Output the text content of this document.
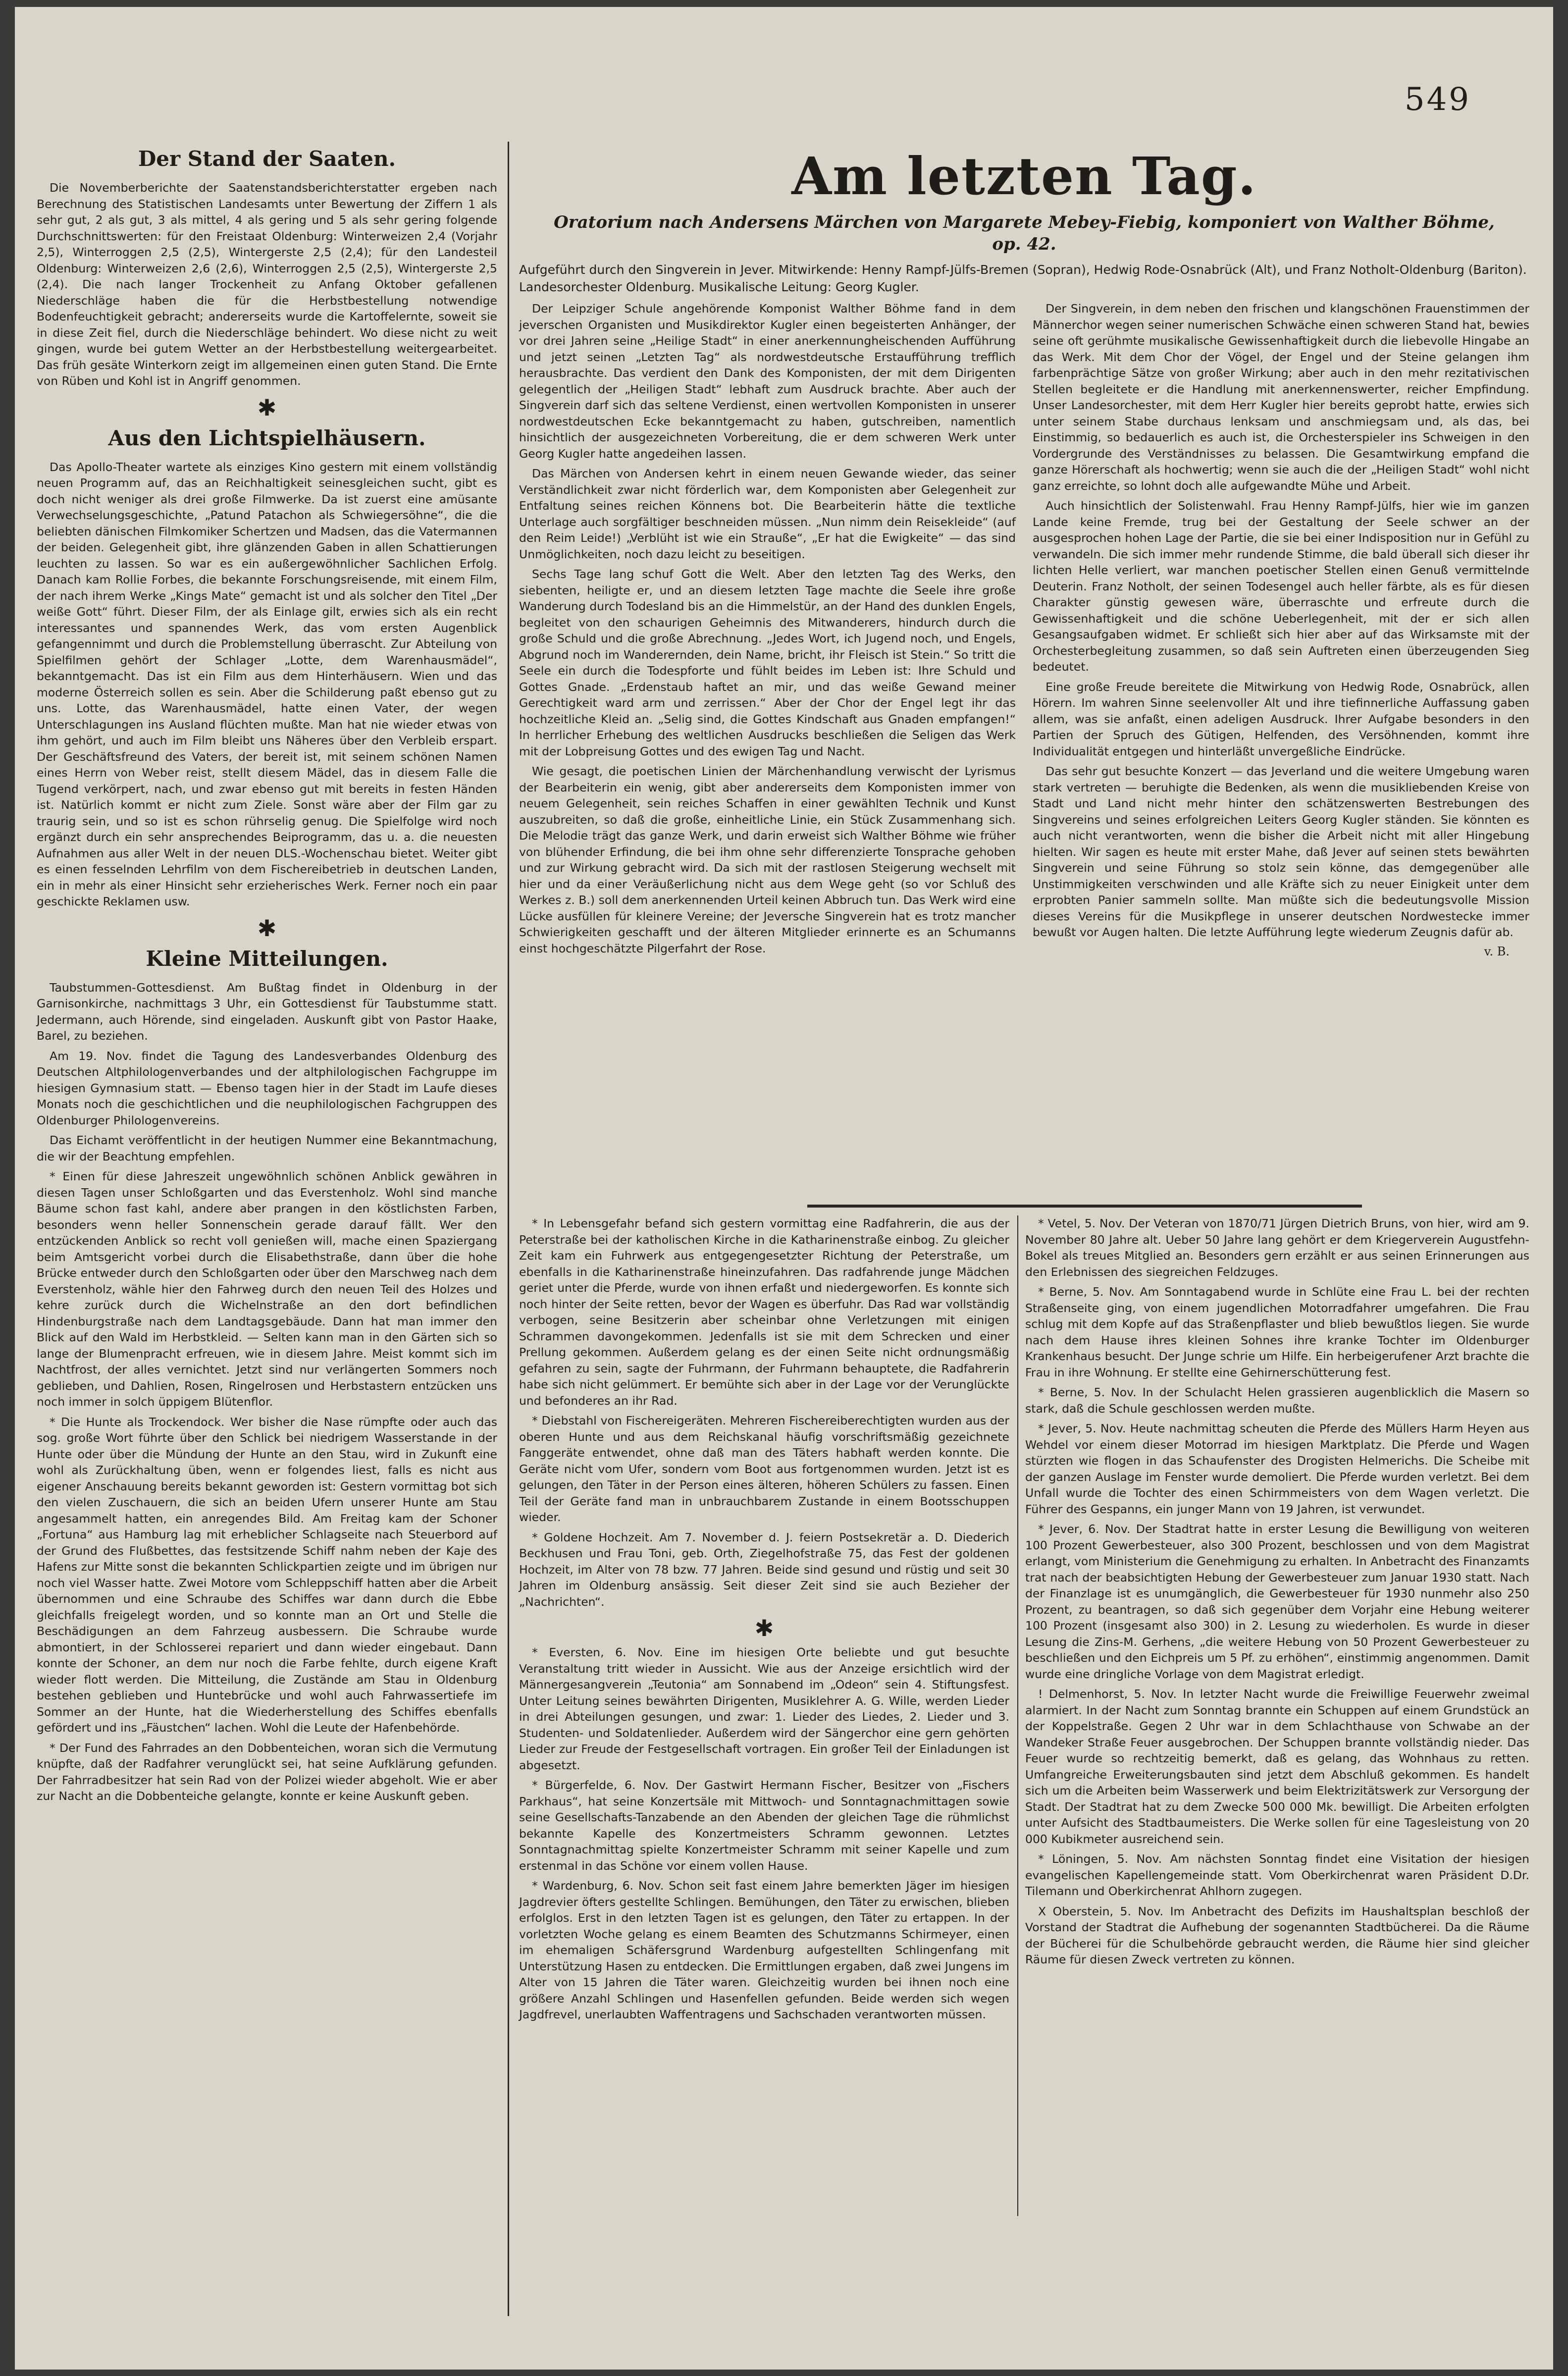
549
Der Stand der Saaten.

Die Novemberberichte der Saatenstandsberichterstatter ergeben nach Berechnung des Statistischen Landesamts unter Bewertung der Ziffern 1 als sehr gut, 2 als gut, 3 als mittel, 4 als gering und 5 als sehr gering folgende Durchschnittswerten: für den Freistaat Oldenburg: Winterweizen 2,4 (Vorjahr 2,5), Winterroggen 2,5 (2,5), Wintergerste 2,5 (2,4); für den Landesteil Oldenburg: Winterweizen 2,6 (2,6), Winterroggen 2,5 (2,5), Wintergerste 2,5 (2,4). Die nach langer Trockenheit zu Anfang Oktober gefallenen Niederschläge haben die für die Herbstbestellung notwendige Bodenfeuchtigkeit gebracht; andererseits wurde die Kartoffelernte, soweit sie in diese Zeit fiel, durch die Niederschläge behindert. Wo diese nicht zu weit gingen, wurde bei gutem Wetter an der Herbstbestellung weitergearbeitet. Das früh gesäte Winterkorn zeigt im allgemeinen einen guten Stand. Die Ernte von Rüben und Kohl ist in Angriff genommen.

✱
Aus den Lichtspielhäusern.

Das Apollo-Theater wartete als einziges Kino gestern mit einem vollständig neuen Programm auf, das an Reichhaltigkeit seinesgleichen sucht, gibt es doch nicht weniger als drei große Filmwerke. Da ist zuerst eine amüsante Verwechselungsgeschichte, „Patund Patachon als Schwiegersöhne“, die die beliebten dänischen Filmkomiker Schertzen und Madsen, das die Vatermannen der beiden. Gelegenheit gibt, ihre glänzenden Gaben in allen Schattierungen leuchten zu lassen. So war es ein außergewöhnlicher Sachlichen Erfolg. Danach kam Rollie Forbes, die bekannte Forschungsreisende, mit einem Film, der nach ihrem Werke „Kings Mate“ gemacht ist und als solcher den Titel „Der weiße Gott“ führt. Dieser Film, der als Einlage gilt, erwies sich als ein recht interessantes und spannendes Werk, das vom ersten Augenblick gefangennimmt und durch die Problemstellung überrascht. Zur Abteilung von Spielfilmen gehört der Schlager „Lotte, dem Warenhausmädel“, bekanntgemacht. Das ist ein Film aus dem Hinterhäusern. Wien und das moderne Österreich sollen es sein. Aber die Schilderung paßt ebenso gut zu uns. Lotte, das Warenhausmädel, hatte einen Vater, der wegen Unterschlagungen ins Ausland flüchten mußte. Man hat nie wieder etwas von ihm gehört, und auch im Film bleibt uns Näheres über den Verbleib erspart. Der Geschäftsfreund des Vaters, der bereit ist, mit seinem schönen Namen eines Herrn von Weber reist, stellt diesem Mädel, das in diesem Falle die Tugend verkörpert, nach, und zwar ebenso gut mit bereits in festen Händen ist. Natürlich kommt er nicht zum Ziele. Sonst wäre aber der Film gar zu traurig sein, und so ist es schon rührselig genug. Die Spielfolge wird noch ergänzt durch ein sehr ansprechendes Beiprogramm, das u. a. die neuesten Aufnahmen aus aller Welt in der neuen DLS.-Wochenschau bietet. Weiter gibt es einen fesselnden Lehrfilm von dem Fischereibetrieb in deutschen Landen, ein in mehr als einer Hinsicht sehr erzieherisches Werk. Ferner noch ein paar geschickte Reklamen usw.

✱
Kleine Mitteilungen.

Taubstummen-Gottesdienst. Am Bußtag findet in Oldenburg in der Garnisonkirche, nachmittags 3 Uhr, ein Gottesdienst für Taubstumme statt. Jedermann, auch Hörende, sind eingeladen. Auskunft gibt von Pastor Haake, Barel, zu beziehen.

Am 19. Nov. findet die Tagung des Landesverbandes Oldenburg des Deutschen Altphilologenverbandes und der altphilologischen Fachgruppe im hiesigen Gymnasium statt. — Ebenso tagen hier in der Stadt im Laufe dieses Monats noch die geschichtlichen und die neuphilologischen Fachgruppen des Oldenburger Philologenvereins.

Das Eichamt veröffentlicht in der heutigen Nummer eine Bekanntmachung, die wir der Beachtung empfehlen.

* Einen für diese Jahreszeit ungewöhnlich schönen Anblick gewähren in diesen Tagen unser Schloßgarten und das Everstenholz. Wohl sind manche Bäume schon fast kahl, andere aber prangen in den köstlichsten Farben, besonders wenn heller Sonnenschein gerade darauf fällt. Wer den entzückenden Anblick so recht voll genießen will, mache einen Spaziergang beim Amtsgericht vorbei durch die Elisabethstraße, dann über die hohe Brücke entweder durch den Schloßgarten oder über den Marschweg nach dem Everstenholz, wähle hier den Fahrweg durch den neuen Teil des Holzes und kehre zurück durch die Wichelnstraße an den dort befindlichen Hindenburgstraße nach dem Landtagsgebäude. Dann hat man immer den Blick auf den Wald im Herbstkleid. — Selten kann man in den Gärten sich so lange der Blumenpracht erfreuen, wie in diesem Jahre. Meist kommt sich im Nachtfrost, der alles vernichtet. Jetzt sind nur verlängerten Sommers noch geblieben, und Dahlien, Rosen, Ringelrosen und Herbstastern entzücken uns noch immer in solch üppigem Blütenflor.

* Die Hunte als Trockendock. Wer bisher die Nase rümpfte oder auch das sog. große Wort führte über den Schlick bei niedrigem Wasserstande in der Hunte oder über die Mündung der Hunte an den Stau, wird in Zukunft eine wohl als Zurückhaltung üben, wenn er folgendes liest, falls es nicht aus eigener Anschauung bereits bekannt geworden ist: Gestern vormittag bot sich den vielen Zuschauern, die sich an beiden Ufern unserer Hunte am Stau angesammelt hatten, ein anregendes Bild. Am Freitag kam der Schoner „Fortuna“ aus Hamburg lag mit erheblicher Schlagseite nach Steuerbord auf der Grund des Flußbettes, das festsitzende Schiff nahm neben der Kaje des Hafens zur Mitte sonst die bekannten Schlickpartien zeigte und im übrigen nur noch viel Wasser hatte. Zwei Motore vom Schleppschiff hatten aber die Arbeit übernommen und eine Schraube des Schiffes war dann durch die Ebbe gleichfalls freigelegt worden, und so konnte man an Ort und Stelle die Beschädigungen an dem Fahrzeug ausbessern. Die Schraube wurde abmontiert, in der Schlosserei repariert und dann wieder eingebaut. Dann konnte der Schoner, an dem nur noch die Farbe fehlte, durch eigene Kraft wieder flott werden. Die Mitteilung, die Zustände am Stau in Oldenburg bestehen geblieben und Huntebrücke und wohl auch Fahrwassertiefe im Sommer an der Hunte, hat die Wiederherstellung des Schiffes ebenfalls gefördert und ins „Fäustchen“ lachen. Wohl die Leute der Hafenbehörde.

* Der Fund des Fahrrades an den Dobbenteichen, woran sich die Vermutung knüpfte, daß der Radfahrer verunglückt sei, hat seine Aufklärung gefunden. Der Fahrradbesitzer hat sein Rad von der Polizei wieder abgeholt. Wie er aber zur Nacht an die Dobbenteiche gelangte, konnte er keine Auskunft geben.

Am letzten Tag.
Oratorium nach Andersens Märchen von Margarete Mebey-Fiebig, komponiert von Walther Böhme, op. 42.

Aufgeführt durch den Singverein in Jever. Mitwirkende: Henny Rampf-Jülfs-Bremen (Sopran), Hedwig Rode-Osnabrück (Alt), und Franz Notholt-Oldenburg (Bariton). Landesorchester Oldenburg. Musikalische Leitung: Georg Kugler.

Der Leipziger Schule angehörende Komponist Walther Böhme fand in dem jeverschen Organisten und Musikdirektor Kugler einen begeisterten Anhänger, der vor drei Jahren seine „Heilige Stadt“ in einer anerkennungheischenden Aufführung und jetzt seinen „Letzten Tag“ als nordwestdeutsche Erstaufführung trefflich herausbrachte. Das verdient den Dank des Komponisten, der mit dem Dirigenten gelegentlich der „Heiligen Stadt“ lebhaft zum Ausdruck brachte. Aber auch der Singverein darf sich das seltene Verdienst, einen wertvollen Komponisten in unserer nordwestdeutschen Ecke bekanntgemacht zu haben, gutschreiben, namentlich hinsichtlich der ausgezeichneten Vorbereitung, die er dem schweren Werk unter Georg Kugler hatte angedeihen lassen.

Das Märchen von Andersen kehrt in einem neuen Gewande wieder, das seiner Verständlichkeit zwar nicht förderlich war, dem Komponisten aber Gelegenheit zur Entfaltung seines reichen Könnens bot. Die Bearbeiterin hätte die textliche Unterlage auch sorgfältiger beschneiden müssen. „Nun nimm dein Reisekleide“ (auf den Reim Leide!) „Verblüht ist wie ein Strauße“, „Er hat die Ewigkeite“ — das sind Unmöglichkeiten, noch dazu leicht zu beseitigen.

Sechs Tage lang schuf Gott die Welt. Aber den letzten Tag des Werks, den siebenten, heiligte er, und an diesem letzten Tage machte die Seele ihre große Wanderung durch Todesland bis an die Himmelstür, an der Hand des dunklen Engels, begleitet von den schaurigen Geheimnis des Mitwanderers, hindurch durch die große Schuld und die große Abrechnung. „Jedes Wort, ich Jugend noch, und Engels, Abgrund noch im Wanderernden, dein Name, bricht, ihr Fleisch ist Stein.“ So tritt die Seele ein durch die Todespforte und fühlt beides im Leben ist: Ihre Schuld und Gottes Gnade. „Erdenstaub haftet an mir, und das weiße Gewand meiner Gerechtigkeit ward arm und zerrissen.“ Aber der Chor der Engel legt ihr das hochzeitliche Kleid an. „Selig sind, die Gottes Kindschaft aus Gnaden empfangen!“ In herrlicher Erhebung des weltlichen Ausdrucks beschließen die Seligen das Werk mit der Lobpreisung Gottes und des ewigen Tag und Nacht.

Wie gesagt, die poetischen Linien der Märchenhandlung verwischt der Lyrismus der Bearbeiterin ein wenig, gibt aber andererseits dem Komponisten immer von neuem Gelegenheit, sein reiches Schaffen in einer gewählten Technik und Kunst auszubreiten, so daß die große, einheitliche Linie, ein Stück Zusammenhang sich. Die Melodie trägt das ganze Werk, und darin erweist sich Walther Böhme wie früher von blühender Erfindung, die bei ihm ohne sehr differenzierte Tonsprache gehoben und zur Wirkung gebracht wird. Da sich mit der rastlosen Steigerung wechselt mit hier und da einer Veräußerlichung nicht aus dem Wege geht (so vor Schluß des Werkes z. B.) soll dem anerkennenden Urteil keinen Abbruch tun. Das Werk wird eine Lücke ausfüllen für kleinere Vereine; der Jeversche Singverein hat es trotz mancher Schwierigkeiten geschafft und der älteren Mitglieder erinnerte es an Schumanns einst hochgeschätzte Pilgerfahrt der Rose.

Der Singverein, in dem neben den frischen und klangschönen Frauenstimmen der Männerchor wegen seiner numerischen Schwäche einen schweren Stand hat, bewies seine oft gerühmte musikalische Gewissenhaftigkeit durch die liebevolle Hingabe an das Werk. Mit dem Chor der Vögel, der Engel und der Steine gelangen ihm farbenprächtige Sätze von großer Wirkung; aber auch in den mehr rezitativischen Stellen begleitete er die Handlung mit anerkennenswerter, reicher Empfindung. Unser Landesorchester, mit dem Herr Kugler hier bereits geprobt hatte, erwies sich unter seinem Stabe durchaus lenksam und anschmiegsam und, als das, bei Einstimmig, so bedauerlich es auch ist, die Orchesterspieler ins Schweigen in den Vordergrunde des Verständnisses zu belassen. Die Gesamtwirkung empfand die ganze Hörerschaft als hochwertig; wenn sie auch die der „Heiligen Stadt“ wohl nicht ganz erreichte, so lohnt doch alle aufgewandte Mühe und Arbeit.

Auch hinsichtlich der Solistenwahl. Frau Henny Rampf-Jülfs, hier wie im ganzen Lande keine Fremde, trug bei der Gestaltung der Seele schwer an der ausgesprochen hohen Lage der Partie, die sie bei einer Indisposition nur in Gefühl zu verwandeln. Die sich immer mehr rundende Stimme, die bald überall sich dieser ihr lichten Helle verliert, war manchen poetischer Stellen einen Genuß vermittelnde Deuterin. Franz Notholt, der seinen Todesengel auch heller färbte, als es für diesen Charakter günstig gewesen wäre, überraschte und erfreute durch die Gewissenhaftigkeit und die schöne Ueberlegenheit, mit der er sich allen Gesangsaufgaben widmet. Er schließt sich hier aber auf das Wirksamste mit der Orchesterbegleitung zusammen, so daß sein Auftreten einen überzeugenden Sieg bedeutet.

Eine große Freude bereitete die Mitwirkung von Hedwig Rode, Osnabrück, allen Hörern. Im wahren Sinne seelenvoller Alt und ihre tiefinnerliche Auffassung gaben allem, was sie anfaßt, einen adeligen Ausdruck. Ihrer Aufgabe besonders in den Partien der Spruch des Gütigen, Helfenden, des Versöhnenden, kommt ihre Individualität entgegen und hinterläßt unvergeßliche Eindrücke.

Das sehr gut besuchte Konzert — das Jeverland und die weitere Umgebung waren stark vertreten — beruhigte die Bedenken, als wenn die musikliebenden Kreise von Stadt und Land nicht mehr hinter den schätzenswerten Bestrebungen des Singvereins und seines erfolgreichen Leiters Georg Kugler ständen. Sie könnten es auch nicht verantworten, wenn die bisher die Arbeit nicht mit aller Hingebung hielten. Wir sagen es heute mit erster Mahe, daß Jever auf seinen stets bewährten Singverein und seine Führung so stolz sein könne, das demgegenüber alle Unstimmigkeiten verschwinden und alle Kräfte sich zu neuer Einigkeit unter dem erprobten Panier sammeln sollte. Man müßte sich die bedeutungsvolle Mission dieses Vereins für die Musikpflege in unserer deutschen Nordwestecke immer bewußt vor Augen halten. Die letzte Aufführung legte wiederum Zeugnis dafür ab.

v. B.

* In Lebensgefahr befand sich gestern vormittag eine Radfahrerin, die aus der Peterstraße bei der katholischen Kirche in die Katharinenstraße einbog. Zu gleicher Zeit kam ein Fuhrwerk aus entgegengesetzter Richtung der Peterstraße, um ebenfalls in die Katharinenstraße hineinzufahren. Das radfahrende junge Mädchen geriet unter die Pferde, wurde von ihnen erfaßt und niedergeworfen. Es konnte sich noch hinter der Seite retten, bevor der Wagen es überfuhr. Das Rad war vollständig verbogen, seine Besitzerin aber scheinbar ohne Verletzungen mit einigen Schrammen davongekommen. Jedenfalls ist sie mit dem Schrecken und einer Prellung gekommen. Außerdem gelang es der einen Seite nicht ordnungsmäßig gefahren zu sein, sagte der Fuhrmann, der Fuhrmann behauptete, die Radfahrerin habe sich nicht gelümmert. Er bemühte sich aber in der Lage vor der Verunglückte und befonderes an ihr Rad.

* Diebstahl von Fischereigeräten. Mehreren Fischereiberechtigten wurden aus der oberen Hunte und aus dem Reichskanal häufig vorschriftsmäßig gezeichnete Fanggeräte entwendet, ohne daß man des Täters habhaft werden konnte. Die Geräte nicht vom Ufer, sondern vom Boot aus fortgenommen wurden. Jetzt ist es gelungen, den Täter in der Person eines älteren, höheren Schülers zu fassen. Einen Teil der Geräte fand man in unbrauchbarem Zustande in einem Bootsschuppen wieder.

* Goldene Hochzeit. Am 7. November d. J. feiern Postsekretär a. D. Diederich Beckhusen und Frau Toni, geb. Orth, Ziegelhofstraße 75, das Fest der goldenen Hochzeit, im Alter von 78 bzw. 77 Jahren. Beide sind gesund und rüstig und seit 30 Jahren im Oldenburg ansässig. Seit dieser Zeit sind sie auch Bezieher der „Nachrichten“.

✱

* Eversten, 6. Nov. Eine im hiesigen Orte beliebte und gut besuchte Veranstaltung tritt wieder in Aussicht. Wie aus der Anzeige ersichtlich wird der Männergesangverein „Teutonia“ am Sonnabend im „Odeon“ sein 4. Stiftungsfest. Unter Leitung seines bewährten Dirigenten, Musiklehrer A. G. Wille, werden Lieder in drei Abteilungen gesungen, und zwar: 1. Lieder des Liedes, 2. Lieder und 3. Studenten- und Soldatenlieder. Außerdem wird der Sängerchor eine gern gehörten Lieder zur Freude der Festgesellschaft vortragen. Ein großer Teil der Einladungen ist abgesetzt.

* Bürgerfelde, 6. Nov. Der Gastwirt Hermann Fischer, Besitzer von „Fischers Parkhaus“, hat seine Konzertsäle mit Mittwoch- und Sonntagnachmittagen sowie seine Gesellschafts-Tanzabende an den Abenden der gleichen Tage die rühmlichst bekannte Kapelle des Konzertmeisters Schramm gewonnen. Letztes Sonntagnachmittag spielte Konzertmeister Schramm mit seiner Kapelle und zum erstenmal in das Schöne vor einem vollen Hause.

* Wardenburg, 6. Nov. Schon seit fast einem Jahre bemerkten Jäger im hiesigen Jagdrevier öfters gestellte Schlingen. Bemühungen, den Täter zu erwischen, blieben erfolglos. Erst in den letzten Tagen ist es gelungen, den Täter zu ertappen. In der vorletzten Woche gelang es einem Beamten des Schutzmanns Schirmeyer, einen im ehemaligen Schäfersgrund Wardenburg aufgestellten Schlingenfang mit Unterstützung Hasen zu entdecken. Die Ermittlungen ergaben, daß zwei Jungens im Alter von 15 Jahren die Täter waren. Gleichzeitig wurden bei ihnen noch eine größere Anzahl Schlingen und Hasenfellen gefunden. Beide werden sich wegen Jagdfrevel, unerlaubten Waffentragens und Sachschaden verantworten müssen.

* Vetel, 5. Nov. Der Veteran von 1870/71 Jürgen Dietrich Bruns, von hier, wird am 9. November 80 Jahre alt. Ueber 50 Jahre lang gehört er dem Kriegerverein Augustfehn-Bokel als treues Mitglied an. Besonders gern erzählt er aus seinen Erinnerungen aus den Erlebnissen des siegreichen Feldzuges.

* Berne, 5. Nov. Am Sonntagabend wurde in Schlüte eine Frau L. bei der rechten Straßenseite ging, von einem jugendlichen Motorradfahrer umgefahren. Die Frau schlug mit dem Kopfe auf das Straßenpflaster und blieb bewußtlos liegen. Sie wurde nach dem Hause ihres kleinen Sohnes ihre kranke Tochter im Oldenburger Krankenhaus besucht. Der Junge schrie um Hilfe. Ein herbeigerufener Arzt brachte die Frau in ihre Wohnung. Er stellte eine Gehirnerschütterung fest.

* Berne, 5. Nov. In der Schulacht Helen grassieren augenblicklich die Masern so stark, daß die Schule geschlossen werden mußte.

* Jever, 5. Nov. Heute nachmittag scheuten die Pferde des Müllers Harm Heyen aus Wehdel vor einem dieser Motorrad im hiesigen Marktplatz. Die Pferde und Wagen stürzten wie flogen in das Schaufenster des Drogisten Helmerichs. Die Scheibe mit der ganzen Auslage im Fenster wurde demoliert. Die Pferde wurden verletzt. Bei dem Unfall wurde die Tochter des einen Schirmmeisters von dem Wagen verletzt. Die Führer des Gespanns, ein junger Mann von 19 Jahren, ist verwundet.

* Jever, 6. Nov. Der Stadtrat hatte in erster Lesung die Bewilligung von weiteren 100 Prozent Gewerbesteuer, also 300 Prozent, beschlossen und von dem Magistrat erlangt, vom Ministerium die Genehmigung zu erhalten. In Anbetracht des Finanzamts trat nach der beabsichtigten Hebung der Gewerbesteuer zum Januar 1930 statt. Nach der Finanzlage ist es unumgänglich, die Gewerbesteuer für 1930 nunmehr also 250 Prozent, zu beantragen, so daß sich gegenüber dem Vorjahr eine Hebung weiterer 100 Prozent (insgesamt also 300) in 2. Lesung zu wiederholen. Es wurde in dieser Lesung die Zins-M. Gerhens, „die weitere Hebung von 50 Prozent Gewerbesteuer zu beschließen und den Eichpreis um 5 Pf. zu erhöhen“, einstimmig angenommen. Damit wurde eine dringliche Vorlage von dem Magistrat erledigt.

! Delmenhorst, 5. Nov. In letzter Nacht wurde die Freiwillige Feuerwehr zweimal alarmiert. In der Nacht zum Sonntag brannte ein Schuppen auf einem Grundstück an der Koppelstraße. Gegen 2 Uhr war in dem Schlachthause von Schwabe an der Wandeker Straße Feuer ausgebrochen. Der Schuppen brannte vollständig nieder. Das Feuer wurde so rechtzeitig bemerkt, daß es gelang, das Wohnhaus zu retten. Umfangreiche Erweiterungsbauten sind jetzt dem Abschluß gekommen. Es handelt sich um die Arbeiten beim Wasserwerk und beim Elektrizitätswerk zur Versorgung der Stadt. Der Stadtrat hat zu dem Zwecke 500 000 Mk. bewilligt. Die Arbeiten erfolgten unter Aufsicht des Stadtbaumeisters. Die Werke sollen für eine Tagesleistung von 20 000 Kubikmeter ausreichend sein.

* Löningen, 5. Nov. Am nächsten Sonntag findet eine Visitation der hiesigen evangelischen Kapellengemeinde statt. Vom Oberkirchenrat waren Präsident D.Dr. Tilemann und Oberkirchenrat Ahlhorn zugegen.

X Oberstein, 5. Nov. Im Anbetracht des Defizits im Haushaltsplan beschloß der Vorstand der Stadtrat die Aufhebung der sogenannten Stadtbücherei. Da die Räume der Bücherei für die Schulbehörde gebraucht werden, die Räume hier sind gleicher Räume für diesen Zweck vertreten zu können.
